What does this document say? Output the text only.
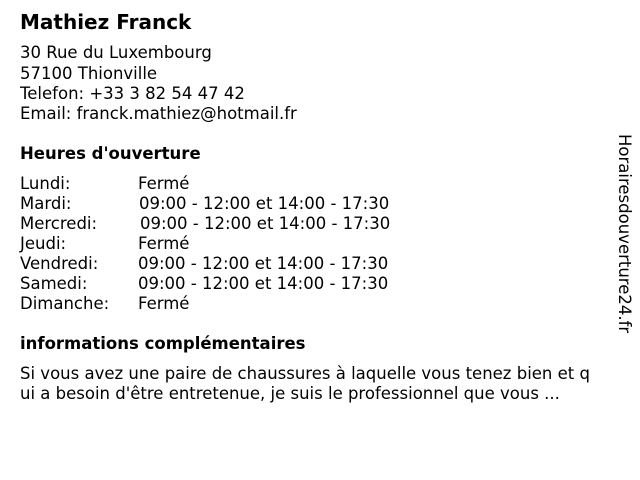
Mathiez Franck
30 Rue du Luxembourg
57100 Thionville
Telefon: +33 3 82 54 47 42
Email: franck.mathiez@hotmail.fr
Heures d'ouverture
Lundi:	Fermé
Mardi:	09:00 - 12:00 et 14:00 - 17:30
Mercredi:	09:00 - 12:00 et 14:00 - 17:30
Jeudi:	Fermé
Vendredi: 09:00 - 12:00 et 14:00 - 17:30
Samedi:	09:00 - 12:00 et 14:00 - 17:30
Dimanche: Fermé
informations complémentaires
Si vous avez une paire de chaussures à laquelle vous tenez bien et q
ui a besoin d'être entretenue, je suis le professionnel que vous ...
Horairesdouverture24.fr
